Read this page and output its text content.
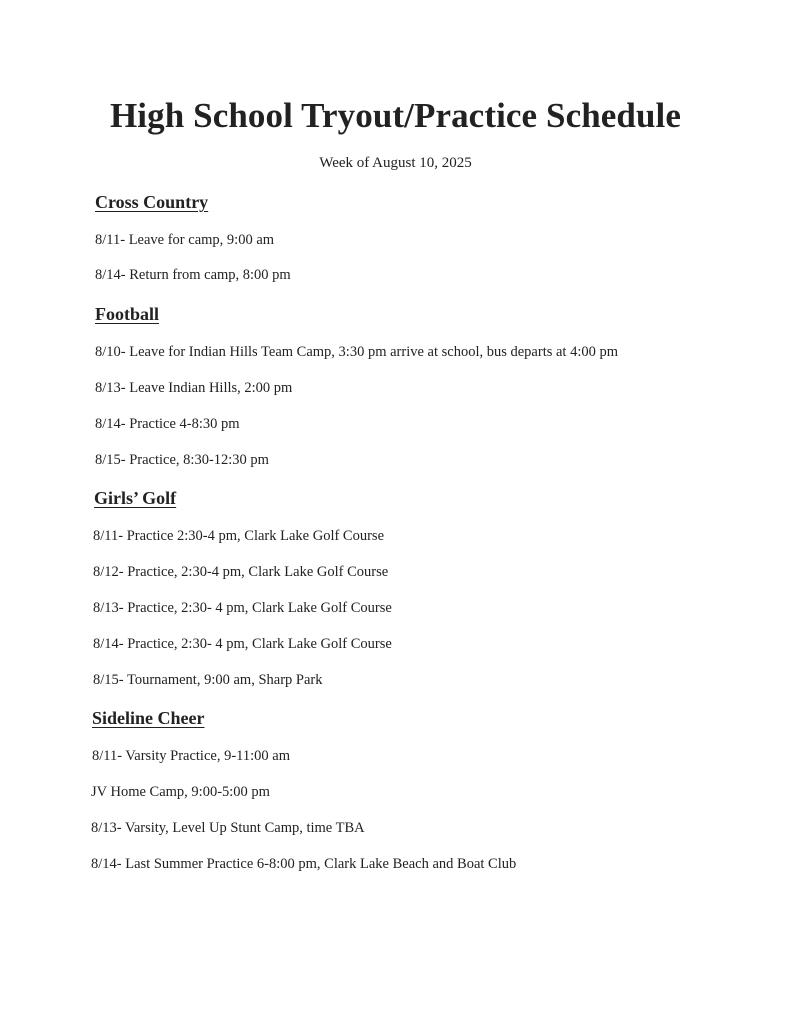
High School Tryout/Practice Schedule
Week of August 10, 2025
Cross Country
8/11- Leave for camp, 9:00 am
8/14- Return from camp, 8:00 pm
Football
8/10- Leave for Indian Hills Team Camp, 3:30 pm arrive at school, bus departs at 4:00 pm
8/13- Leave Indian Hills, 2:00 pm
8/14- Practice 4-8:30 pm
8/15- Practice, 8:30-12:30 pm
Girls’ Golf
8/11- Practice 2:30-4 pm, Clark Lake Golf Course
8/12- Practice, 2:30-4 pm, Clark Lake Golf Course
8/13- Practice, 2:30- 4 pm, Clark Lake Golf Course
8/14- Practice, 2:30- 4 pm, Clark Lake Golf Course
8/15- Tournament, 9:00 am, Sharp Park
Sideline Cheer
8/11- Varsity Practice, 9-11:00 am
JV Home Camp, 9:00-5:00 pm
8/13- Varsity, Level Up Stunt Camp, time TBA
8/14- Last Summer Practice 6-8:00 pm, Clark Lake Beach and Boat Club
